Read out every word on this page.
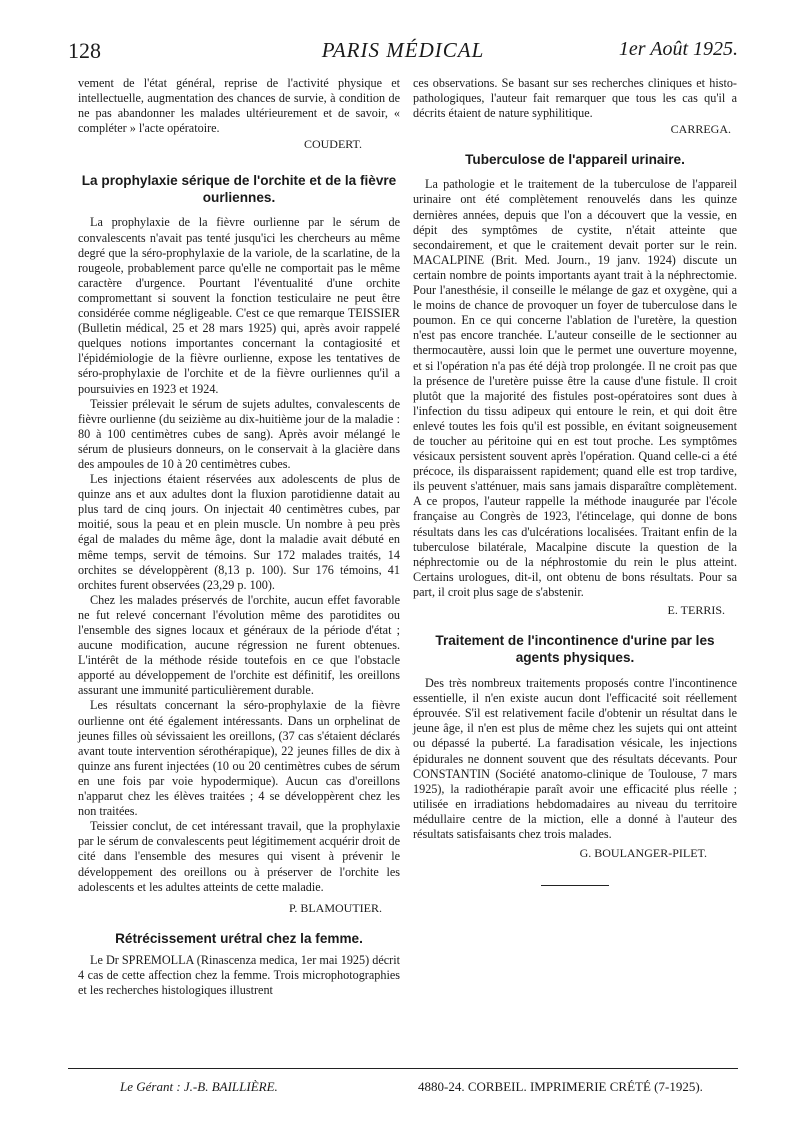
128	PARIS MÉDICAL	1er Août 1925.

vement de l'état général, reprise de l'activité physique et intellectuelle, augmentation des chances de survie, à condition de ne pas abandonner les malades ultérieurement et de savoir, « compléter » l'acte opératoire.

COUDERT.
La prophylaxie sérique de l'orchite et de la fièvre ourliennes.

La prophylaxie de la fièvre ourlienne par le sérum de convalescents n'avait pas tenté jusqu'ici les chercheurs au même degré que la séro-prophylaxie de la variole, de la scarlatine, de la rougeole, probablement parce qu'elle ne comportait pas le même caractère d'urgence. Pourtant l'éventualité d'une orchite compromettant si souvent la fonction testiculaire ne peut être considérée comme négligeable. C'est ce que remarque TEISSIER (Bulletin médical, 25 et 28 mars 1925) qui, après avoir rappelé quelques notions importantes concernant la contagiosité et l'épidémiologie de la fièvre ourlienne, expose les tentatives de séro-prophylaxie de l'orchite et de la fièvre ourliennes qu'il a poursuivies en 1923 et 1924.

Teissier prélevait le sérum de sujets adultes, convalescents de fièvre ourlienne (du seizième au dix-huitième jour de la maladie : 80 à 100 centimètres cubes de sang). Après avoir mélangé le sérum de plusieurs donneurs, on le conservait à la glacière dans des ampoules de 10 à 20 centimètres cubes.

Les injections étaient réservées aux adolescents de plus de quinze ans et aux adultes dont la fluxion parotidienne datait au plus tard de cinq jours. On injectait 40 centimètres cubes, par moitié, sous la peau et en plein muscle. Un nombre à peu près égal de malades du même âge, dont la maladie avait débuté en même temps, servit de témoins. Sur 172 malades traités, 14 orchites se développèrent (8,13 p. 100). Sur 176 témoins, 41 orchites furent observées (23,29 p. 100).

Chez les malades préservés de l'orchite, aucun effet favorable ne fut relevé concernant l'évolution même des parotidites ou l'ensemble des signes locaux et généraux de la période d'état ; aucune modification, aucune régression ne furent obtenues. L'intérêt de la méthode réside toutefois en ce que l'obstacle apporté au développement de l'orchite est définitif, les oreillons assurant une immunité particulièrement durable.

Les résultats concernant la séro-prophylaxie de la fièvre ourlienne ont été également intéressants. Dans un orphelinat de jeunes filles où sévissaient les oreillons, (37 cas s'étaient déclarés avant toute intervention sérothérapique), 22 jeunes filles de dix à quinze ans furent injectées (10 ou 20 centimètres cubes de sérum en une fois par voie hypodermique). Aucun cas d'oreillons n'apparut chez les élèves traitées ; 4 se développèrent chez les non traitées.

Teissier conclut, de cet intéressant travail, que la prophylaxie par le sérum de convalescents peut légitimement acquérir droit de cité dans l'ensemble des mesures qui visent à prévenir le développement des oreillons ou à préserver de l'orchite les adolescents et les adultes atteints de cette maladie.

P. BLAMOUTIER.
Rétrécissement urétral chez la femme.

Le Dr SPREMOLLA (Rinascenza medica, 1er mai 1925) décrit 4 cas de cette affection chez la femme. Trois microphotographies et les recherches histologiques illustrent

ces observations. Se basant sur ses recherches cliniques et histo-pathologiques, l'auteur fait remarquer que tous les cas qu'il a décrits étaient de nature syphilitique.

CARREGA.
Tuberculose de l'appareil urinaire.

La pathologie et le traitement de la tuberculose de l'appareil urinaire ont été complètement renouvelés dans les quinze dernières années, depuis que l'on a découvert que la vessie, en dépit des symptômes de cystite, n'était atteinte que secondairement, et que le craitement devait porter sur le rein. MACALPINE (Brit. Med. Journ., 19 janv. 1924) discute un certain nombre de points importants ayant trait à la néphrectomie. Pour l'anesthésie, il conseille le mélange de gaz et oxygène, qui a le moins de chance de provoquer un foyer de tuberculose dans le poumon. En ce qui concerne l'ablation de l'uretère, la question n'est pas encore tranchée. L'auteur conseille de le sectionner au thermocautère, aussi loin que le permet une ouverture moyenne, et si l'opération n'a pas été déjà trop prolongée. Il ne croit pas que la présence de l'uretère puisse être la cause d'une fistule. Il croit plutôt que la majorité des fistules post-opératoires sont dues à l'infection du tissu adipeux qui entoure le rein, et qui doit être enlevé toutes les fois qu'il est possible, en évitant soigneusement de toucher au péritoine qui en est tout proche. Les symptômes vésicaux persistent souvent après l'opération. Quand celle-ci a été précoce, ils disparaissent rapidement; quand elle est trop tardive, ils peuvent s'atténuer, mais sans jamais disparaître complètement. A ce propos, l'auteur rappelle la méthode inaugurée par l'école française au Congrès de 1923, l'étincelage, qui donne de bons résultats dans les cas d'ulcérations localisées. Traitant enfin de la tuberculose bilatérale, Macalpine discute la question de la néphrectomie ou de la néphrostomie du rein le plus atteint. Certains urologues, dit-il, ont obtenu de bons résultats. Pour sa part, il croit plus sage de s'abstenir.

E. TERRIS.
Traitement de l'incontinence d'urine par les agents physiques.

Des très nombreux traitements proposés contre l'incontinence essentielle, il n'en existe aucun dont l'efficacité soit réellement éprouvée. S'il est relativement facile d'obtenir un résultat dans le jeune âge, il n'en est plus de même chez les sujets qui ont atteint ou dépassé la puberté. La faradisation vésicale, les injections épidurales ne donnent souvent que des résultats décevants. Pour CONSTANTIN (Société anatomo-clinique de Toulouse, 7 mars 1925), la radiothérapie paraît avoir une efficacité plus réelle ; utilisée en irradiations hebdomadaires au niveau du territoire médullaire centre de la miction, elle a donné à l'auteur des résultats satisfaisants chez trois malades.

G. BOULANGER-PILET.
Le Gérant : J.-B. BAILLIÈRE.	4880-24. CORBEIL. IMPRIMERIE CRÉTÉ (7-1925).
